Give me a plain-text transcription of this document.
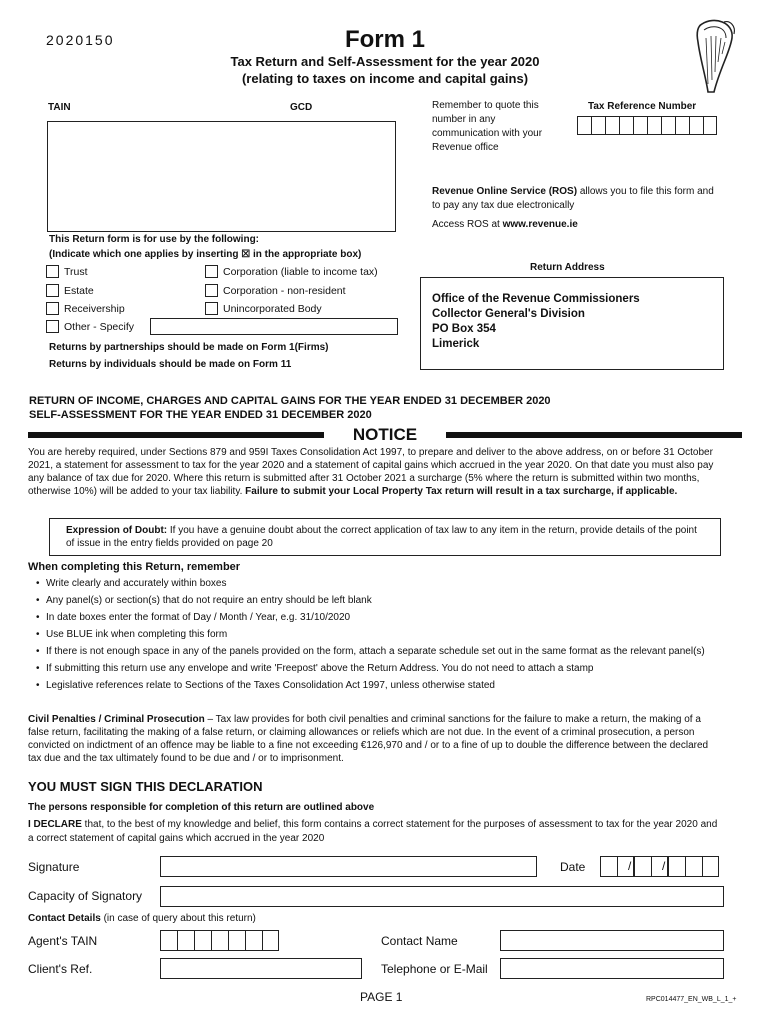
2020150	Form 1
Tax Return and Self-Assessment for the year 2020
(relating to taxes on income and capital gains)
TAIN	GCD	Remember to quote this number in any communication with your Revenue office
Tax Reference Number
Revenue Online Service (ROS) allows you to file this form and to pay any tax due electronically
Access ROS at www.revenue.ie
This Return form is for use by the following:
(Indicate which one applies by inserting ☒ in the appropriate box)
Trust
Estate
Receivership
Other - Specify
Corporation (liable to income tax)
Corporation - non-resident
Unincorporated Body
Returns by partnerships should be made on Form 1(Firms)
Returns by individuals should be made on Form 11
Return Address
Office of the Revenue Commissioners
Collector General's Division
PO Box 354
Limerick
RETURN OF INCOME, CHARGES AND CAPITAL GAINS FOR THE YEAR ENDED 31 DECEMBER 2020
SELF-ASSESSMENT FOR THE YEAR ENDED 31 DECEMBER 2020
NOTICE
You are hereby required, under Sections 879 and 959I Taxes Consolidation Act 1997, to prepare and deliver to the above address, on or before 31 October 2021, a statement for assessment to tax for the year 2020 and a statement of capital gains which accrued in the year 2020. On that date you must also pay any balance of tax due for 2020. Where this return is submitted after 31 October 2021 a surcharge (5% where the return is submitted within two months, otherwise 10%) will be added to your tax liability. Failure to submit your Local Property Tax return will result in a tax surcharge, if applicable.
Expression of Doubt: If you have a genuine doubt about the correct application of tax law to any item in the return, provide details of the point of issue in the entry fields provided on page 20
When completing this Return, remember
• Write clearly and accurately within boxes
• Any panel(s) or section(s) that do not require an entry should be left blank
• In date boxes enter the format of Day / Month / Year, e.g. 31/10/2020
• Use BLUE ink when completing this form
• If there is not enough space in any of the panels provided on the form, attach a separate schedule set out in the same format as the relevant panel(s)
• If submitting this return use any envelope and write 'Freepost' above the Return Address. You do not need to attach a stamp
• Legislative references relate to Sections of the Taxes Consolidation Act 1997, unless otherwise stated
Civil Penalties / Criminal Prosecution – Tax law provides for both civil penalties and criminal sanctions for the failure to make a return, the making of a false return, facilitating the making of a false return, or claiming allowances or reliefs which are not due. In the event of a criminal prosecution, a person convicted on indictment of an offence may be liable to a fine not exceeding €126,970 and / or to a fine of up to double the difference between the declared tax due and the tax ultimately found to be due and / or to imprisonment.
YOU MUST SIGN THIS DECLARATION
The persons responsible for completion of this return are outlined above
I DECLARE that, to the best of my knowledge and belief, this form contains a correct statement for the purposes of assessment to tax for the year 2020 and a correct statement of capital gains which accrued in the year 2020
Signature	Date	/	/
Capacity of Signatory
Contact Details (in case of query about this return)
Agent's TAIN	Contact Name
Client's Ref.	Telephone or E-Mail
PAGE 1	RPC014477_EN_WB_L_1_+
